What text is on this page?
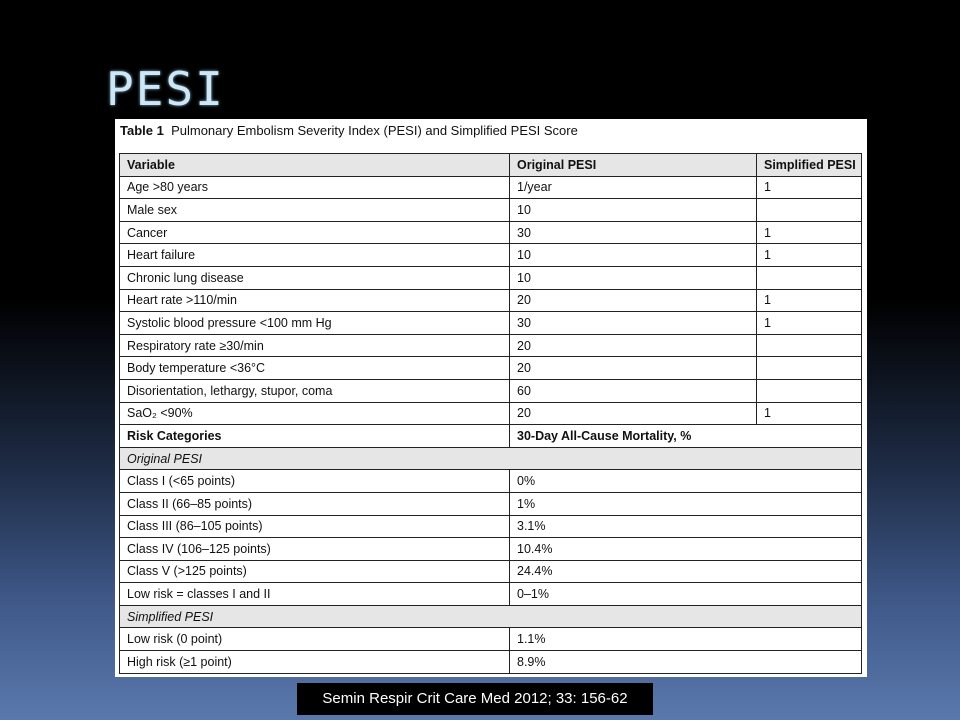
PESI
Table 1 Pulmonary Embolism Severity Index (PESI) and Simplified PESI Score
Variable	Original PESI	Simplified PESI
Age >80 years	1/year	1
Male sex	10	
Cancer	30	1
Heart failure	10	1
Chronic lung disease	10	
Heart rate >110/min	20	1
Systolic blood pressure <100 mm Hg	30	1
Respiratory rate ≥30/min	20	
Body temperature <36°C	20	
Disorientation, lethargy, stupor, coma	60	
SaO₂ <90%	20	1
Risk Categories	30-Day All-Cause Mortality, %	
Original PESI		
Class I (<65 points)	0%	
Class II (66–85 points)	1%	
Class III (86–105 points)	3.1%	
Class IV (106–125 points)	10.4%	
Class V (>125 points)	24.4%	
Low risk = classes I and II	0–1%	
Simplified PESI		
Low risk (0 point)	1.1%	
High risk (≥1 point)	8.9%	
Semin Respir Crit Care Med 2012; 33: 156-62
